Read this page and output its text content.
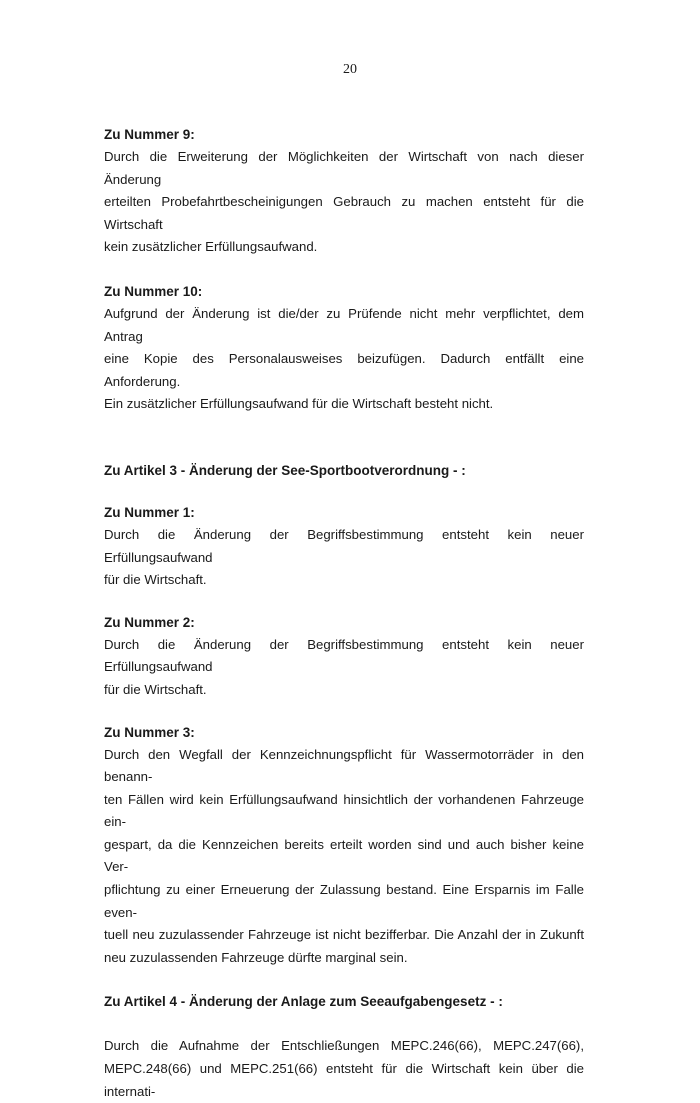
20

Zu Nummer 9:

Durch die Erweiterung der Möglichkeiten der Wirtschaft von nach dieser Änderung
erteilten Probefahrtbescheinigungen Gebrauch zu machen entsteht für die Wirtschaft
kein zusätzlicher Erfüllungsaufwand.

Zu Nummer 10:

Aufgrund der Änderung ist die/der zu Prüfende nicht mehr verpflichtet, dem Antrag
eine Kopie des Personalausweises beizufügen. Dadurch entfällt eine Anforderung.
Ein zusätzlicher Erfüllungsaufwand für die Wirtschaft besteht nicht.

Zu Artikel 3 - Änderung der See-Sportbootverordnung - :

Zu Nummer 1:

Durch die Änderung der Begriffsbestimmung entsteht kein neuer Erfüllungsaufwand
für die Wirtschaft.

Zu Nummer 2:

Durch die Änderung der Begriffsbestimmung entsteht kein neuer Erfüllungsaufwand
für die Wirtschaft.

Zu Nummer 3:

Durch den Wegfall der Kennzeichnungspflicht für Wassermotorräder in den benann-
ten Fällen wird kein Erfüllungsaufwand hinsichtlich der vorhandenen Fahrzeuge ein-
gespart, da die Kennzeichen bereits erteilt worden sind und auch bisher keine Ver-
pflichtung zu einer Erneuerung der Zulassung bestand. Eine Ersparnis im Falle even-
tuell neu zuzulassender Fahrzeuge ist nicht bezifferbar. Die Anzahl der in Zukunft
neu zuzulassenden Fahrzeuge dürfte marginal sein.

Zu Artikel 4 - Änderung der Anlage zum Seeaufgabengesetz - :

Durch die Aufnahme der Entschließungen MEPC.246(66), MEPC.247(66),
MEPC.248(66) und MEPC.251(66) entsteht für die Wirtschaft kein über die internati-
